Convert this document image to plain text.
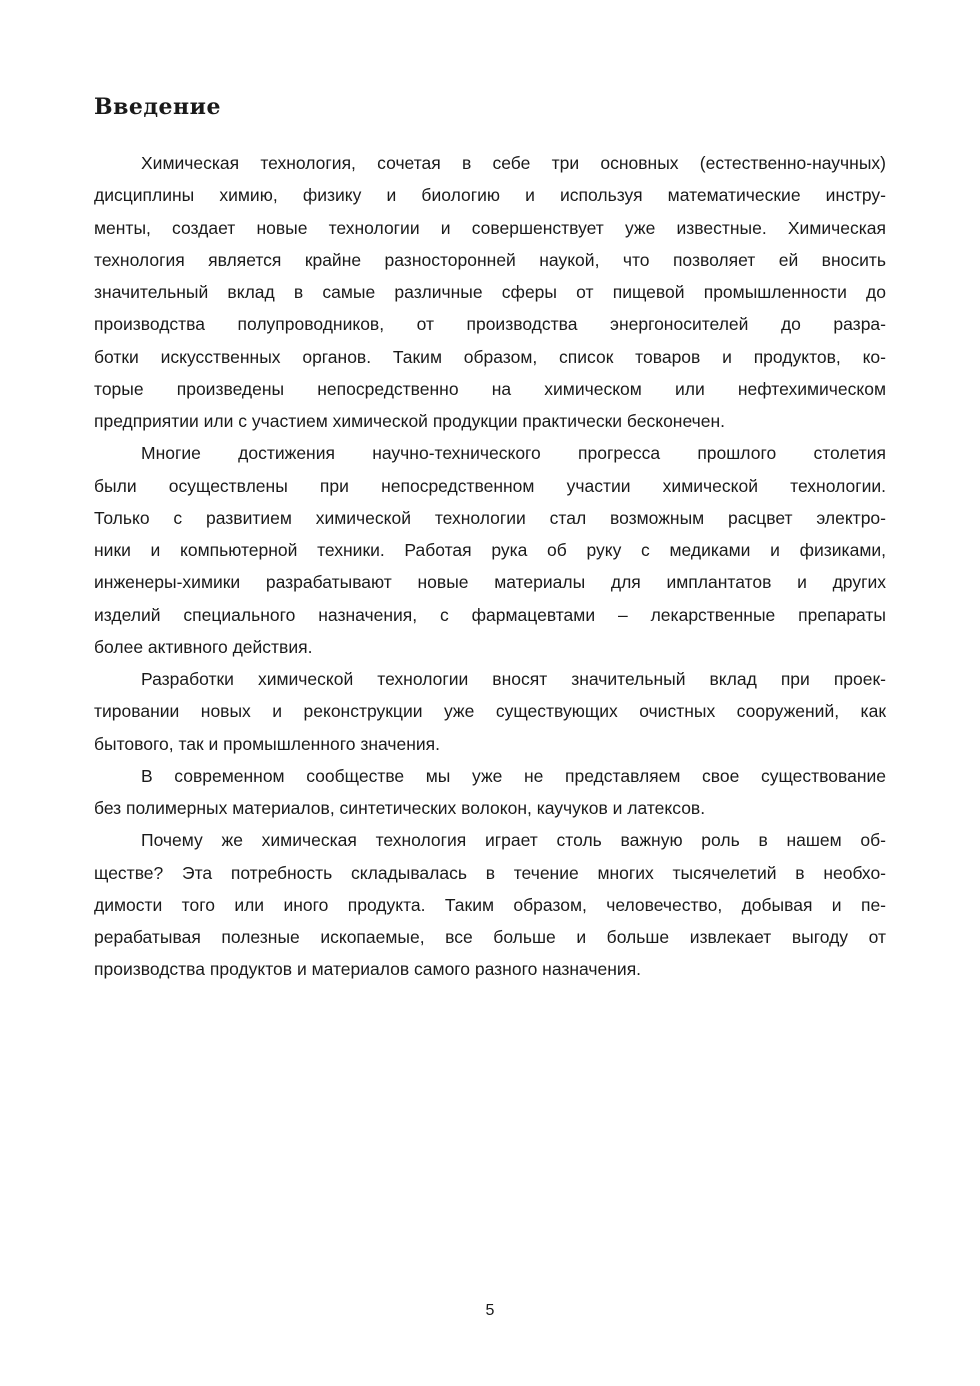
Введение
Химическая технология, сочетая в себе три основных (естественно-научных)
дисциплины химию, физику и биологию и используя математические инстру-
менты, создает новые технологии и совершенствует уже известные. Химическая
технология является крайне разносторонней наукой, что позволяет ей вносить
значительный вклад в самые различные сферы от пищевой промышленности до
производства полупроводников, от производства энергоносителей до разра-
ботки искусственных органов. Таким образом, список товаров и продуктов, ко-
торые произведены непосредственно на химическом или нефтехимическом
предприятии или с участием химической продукции практически бесконечен.
Многие достижения научно-технического прогресса прошлого столетия
были осуществлены при непосредственном участии химической технологии.
Только с развитием химической технологии стал возможным расцвет электро-
ники и компьютерной техники. Работая рука об руку с медиками и физиками,
инженеры-химики разрабатывают новые материалы для имплантатов и других
изделий специального назначения, с фармацевтами – лекарственные препараты
более активного действия.
Разработки химической технологии вносят значительный вклад при проек-
тировании новых и реконструкции уже существующих очистных сооружений, как
бытового, так и промышленного значения.
В современном сообществе мы уже не представляем свое существование
без полимерных материалов, синтетических волокон, каучуков и латексов.
Почему же химическая технология играет столь важную роль в нашем об-
ществе? Эта потребность складывалась в течение многих тысячелетий в необхо-
димости того или иного продукта. Таким образом, человечество, добывая и пе-
рерабатывая полезные ископаемые, все больше и больше извлекает выгоду от
производства продуктов и материалов самого разного назначения.
5
